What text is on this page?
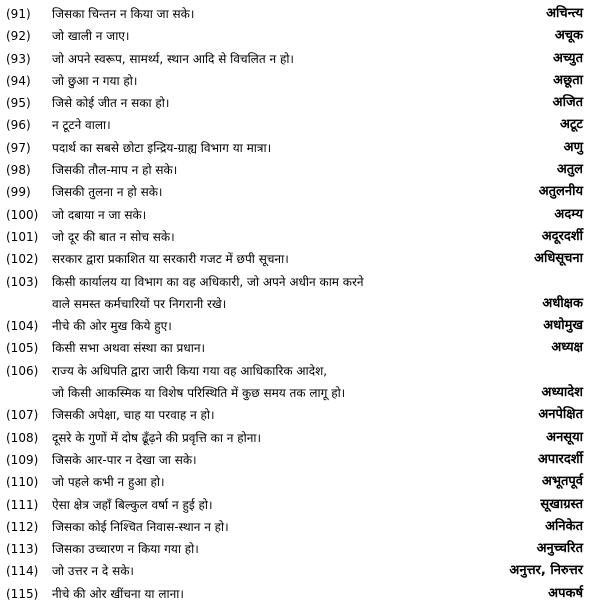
(91)	जिसका चिन्तन न किया जा सके।	अचिन्त्य
(92)	जो खाली न जाए।	अचूक
(93)	जो अपने स्वरूप, सामर्थ्य, स्थान आदि से विचलित न हो।	अच्युत
(94)	जो छुआ न गया हो।	अछूता
(95)	जिसे कोई जीत न सका हो।	अजित
(96)	न टूटने वाला।	अटूट
(97)	पदार्थ का सबसे छोटा इन्द्रिय-ग्राह्य विभाग या मात्रा।	अणु
(98)	जिसकी तौल-माप न हो सके।	अतुल
(99)	जिसकी तुलना न हो सके।	अतुलनीय
(100)	जो दबाया न जा सके।	अदम्य
(101)	जो दूर की बात न सोच सके।	अदूरदर्शी
(102)	सरकार द्वारा प्रकाशित या सरकारी गजट में छपी सूचना।	अधिसूचना
(103)	किसी कार्यालय या विभाग का वह अधिकारी, जो अपने अधीन काम करने
वाले समस्त कर्मचारियों पर निगरानी रखे।	अधीक्षक
(104)	नीचे की ओर मुख किये हुए।	अधोमुख
(105)	किसी सभा अथवा संस्था का प्रधान।	अध्यक्ष
(106)	राज्य के अधिपति द्वारा जारी किया गया वह आधिकारिक आदेश,
जो किसी आकस्मिक या विशेष परिस्थिति में कुछ समय तक लागू हो।	अध्यादेश
(107)	जिसकी अपेक्षा, चाह या परवाह न हो।	अनपेक्षित
(108)	दूसरे के गुणों में दोष ढूँढ़ने की प्रवृत्ति का न होना।	अनसूया
(109)	जिसके आर-पार न देखा जा सके।	अपारदर्शी
(110)	जो पहले कभी न हुआ हो।	अभूतपूर्व
(111)	ऐसा क्षेत्र जहाँ बिल्कुल वर्षा न हुई हो।	सूखाग्रस्त
(112)	जिसका कोई निश्चित निवास-स्थान न हो।	अनिकेत
(113)	जिसका उच्चारण न किया गया हो।	अनुच्चरित
(114)	जो उत्तर न दे सके।	अनुत्तर, निरुत्तर
(115)	नीचे की ओर खींचना या लाना।	अपकर्ष
